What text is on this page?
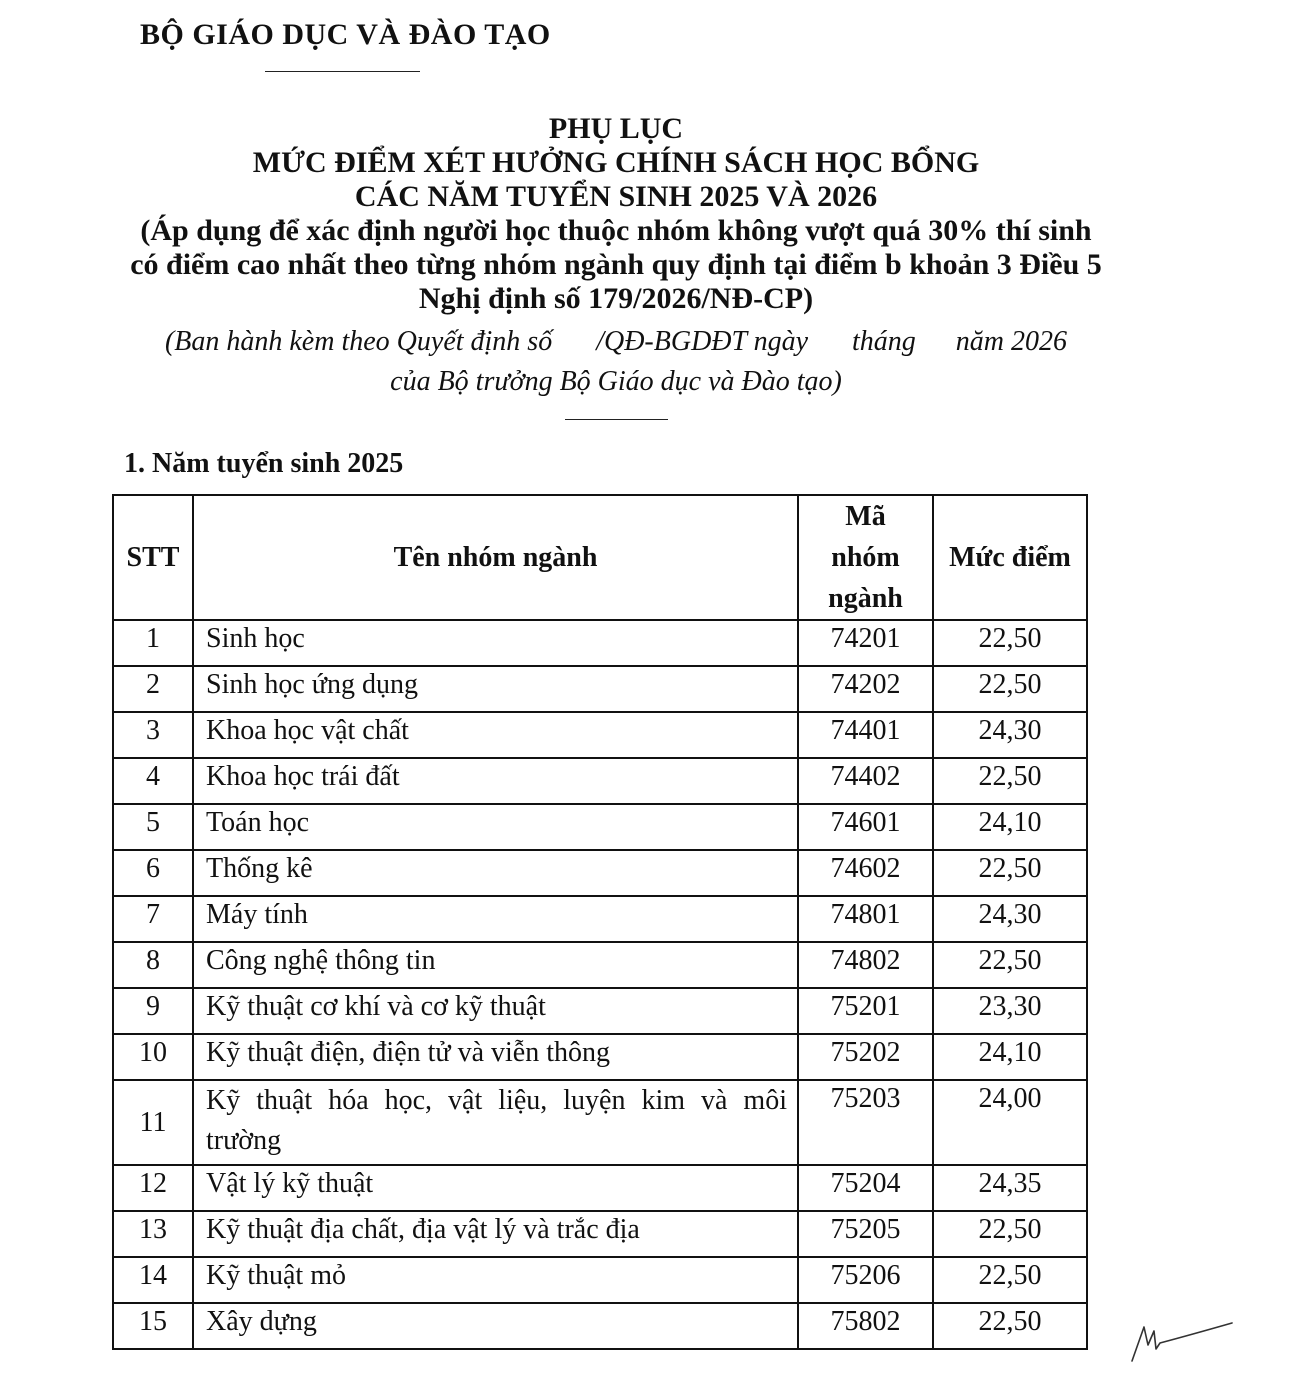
BỘ GIÁO DỤC VÀ ĐÀO TẠO
PHỤ LỤC
MỨC ĐIỂM XÉT HƯỞNG CHÍNH SÁCH HỌC BỔNG
CÁC NĂM TUYỂN SINH 2025 VÀ 2026
(Áp dụng để xác định người học thuộc nhóm không vượt quá 30% thí sinh
có điểm cao nhất theo từng nhóm ngành quy định tại điểm b khoản 3 Điều 5
Nghị định số 179/2026/NĐ-CP)
(Ban hành kèm theo Quyết định số /QĐ-BGDĐT ngày tháng năm 2026
của Bộ trưởng Bộ Giáo dục và Đào tạo)
1. Năm tuyển sinh 2025
STT	Tên nhóm ngành	Mã
nhóm
ngành	Mức điểm
1	Sinh học	74201	22,50
2	Sinh học ứng dụng	74202	22,50
3	Khoa học vật chất	74401	24,30
4	Khoa học trái đất	74402	22,50
5	Toán học	74601	24,10
6	Thống kê	74602	22,50
7	Máy tính	74801	24,30
8	Công nghệ thông tin	74802	22,50
9	Kỹ thuật cơ khí và cơ kỹ thuật	75201	23,30
10	Kỹ thuật điện, điện tử và viễn thông	75202	24,10
11	Kỹ thuật hóa học, vật liệu, luyện kim và môi trường	75203	24,00
12	Vật lý kỹ thuật	75204	24,35
13	Kỹ thuật địa chất, địa vật lý và trắc địa	75205	22,50
14	Kỹ thuật mỏ	75206	22,50
15	Xây dựng	75802	22,50
